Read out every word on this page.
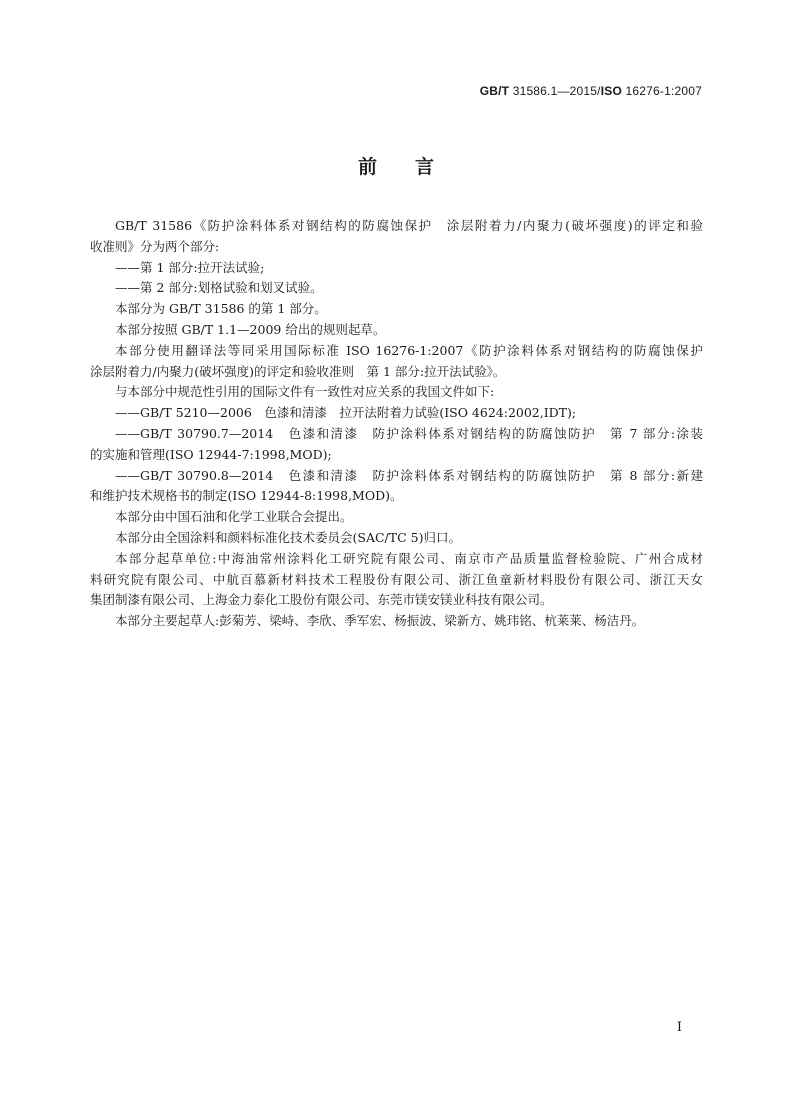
GB/T 31586.1—2015/ISO 16276-1:2007
前 言
GB/T 31586《防护涂料体系对钢结构的防腐蚀保护　涂层附着力/内聚力(破坏强度)的评定和验
收准则》分为两个部分:
——第 1 部分:拉开法试验;
——第 2 部分:划格试验和划叉试验。
本部分为 GB/T 31586 的第 1 部分。
本部分按照 GB/T 1.1—2009 给出的规则起草。
本部分使用翻译法等同采用国际标准 ISO 16276-1:2007《防护涂料体系对钢结构的防腐蚀保护
涂层附着力/内聚力(破坏强度)的评定和验收准则　第 1 部分:拉开法试验》。
与本部分中规范性引用的国际文件有一致性对应关系的我国文件如下:
——GB/T 5210—2006　色漆和清漆　拉开法附着力试验(ISO 4624:2002,IDT);
——GB/T 30790.7—2014　色漆和清漆　防护涂料体系对钢结构的防腐蚀防护　第 7 部分:涂装
的实施和管理(ISO 12944-7:1998,MOD);
——GB/T 30790.8—2014　色漆和清漆　防护涂料体系对钢结构的防腐蚀防护　第 8 部分:新建
和维护技术规格书的制定(ISO 12944-8:1998,MOD)。
本部分由中国石油和化学工业联合会提出。
本部分由全国涂料和颜料标准化技术委员会(SAC/TC 5)归口。
本部分起草单位:中海油常州涂料化工研究院有限公司、南京市产品质量监督检验院、广州合成材
料研究院有限公司、中航百慕新材料技术工程股份有限公司、浙江鱼童新材料股份有限公司、浙江天女
集团制漆有限公司、上海金力泰化工股份有限公司、东莞市镁安镁业科技有限公司。
本部分主要起草人:彭菊芳、梁峙、李欣、季军宏、杨振波、梁新方、姚玮铭、杭莱莱、杨洁丹。
I
